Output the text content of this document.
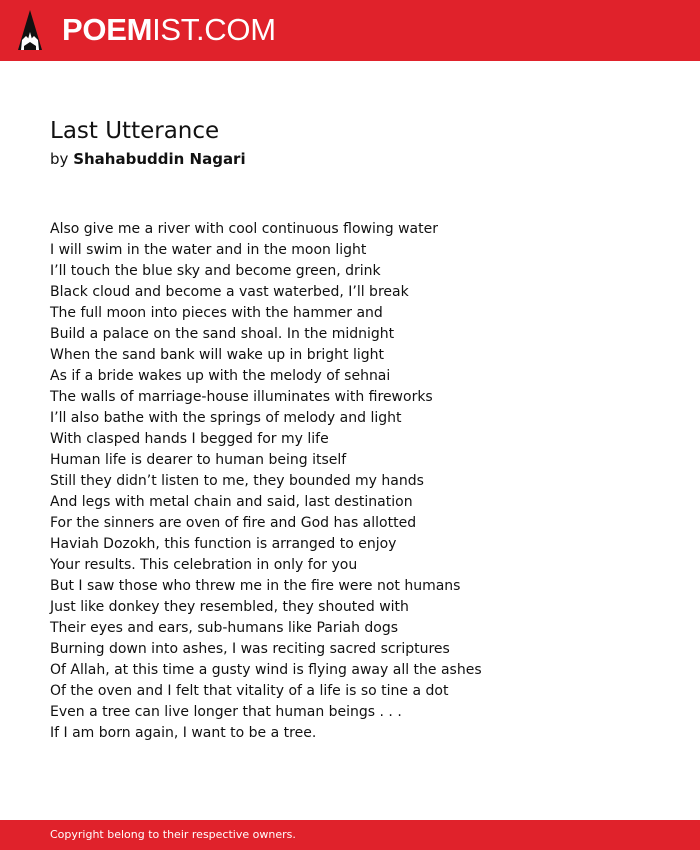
POEMIST.COM
Last Utterance
by Shahabuddin Nagari
Also give me a river with cool continuous flowing water
I will swim in the water and in the moon light
I’ll touch the blue sky and become green, drink
Black cloud and become a vast waterbed, I’ll break
The full moon into pieces with the hammer and
Build a palace on the sand shoal. In the midnight
When the sand bank will wake up in bright light
As if a bride wakes up with the melody of sehnai
The walls of marriage-house illuminates with fireworks
I’ll also bathe with the springs of melody and light
With clasped hands I begged for my life
Human life is dearer to human being itself
Still they didn’t listen to me, they bounded my hands
And legs with metal chain and said, last destination
For the sinners are oven of fire and God has allotted
Haviah Dozokh, this function is arranged to enjoy
Your results. This celebration in only for you
But I saw those who threw me in the fire were not humans
Just like donkey they resembled, they shouted with
Their eyes and ears, sub-humans like Pariah dogs
Burning down into ashes, I was reciting sacred scriptures
Of Allah, at this time a gusty wind is flying away all the ashes
Of the oven and I felt that vitality of a life is so tine a dot
Even a tree can live longer that human beings . . .
If I am born again, I want to be a tree.
Copyright belong to their respective owners.
